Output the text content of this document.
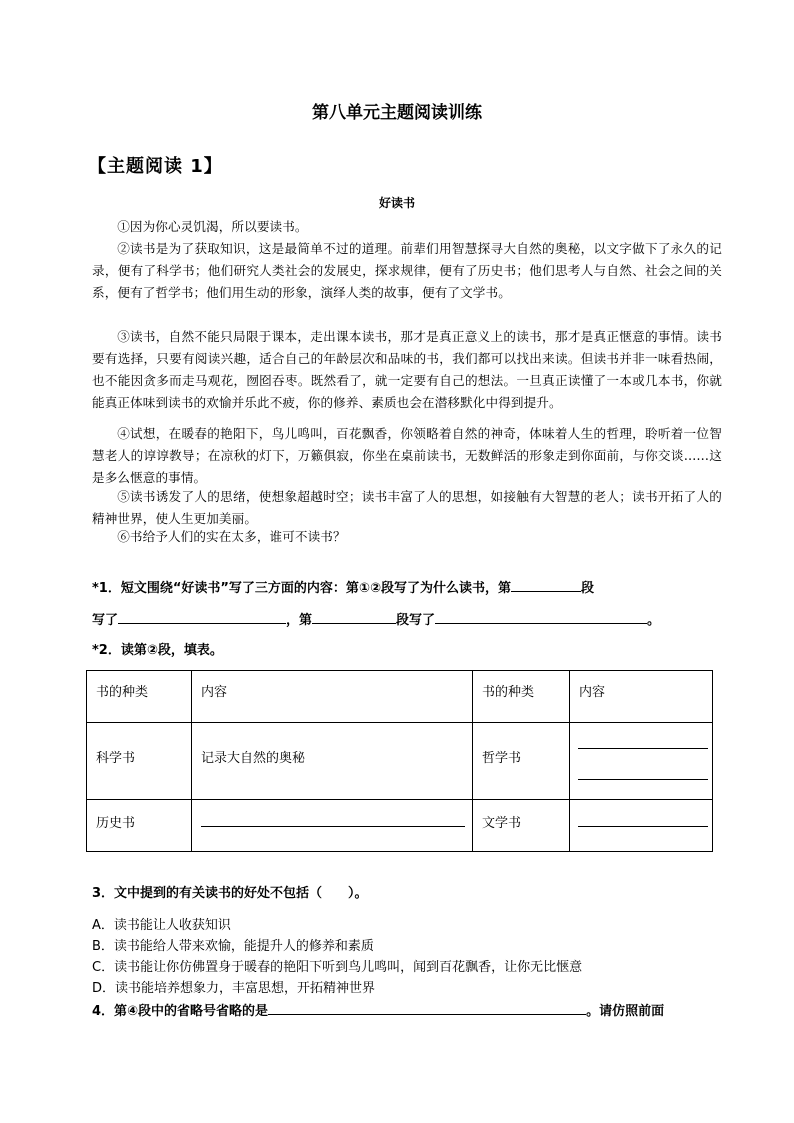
第八单元主题阅读训练
【主题阅读 1】
好读书

①因为你心灵饥渴，所以要读书。

②读书是为了获取知识，这是最简单不过的道理。前辈们用智慧探寻大自然的奥秘，以文字做下了永久的记录，便有了科学书；他们研究人类社会的发展史，探求规律，便有了历史书；他们思考人与自然、社会之间的关系，便有了哲学书；他们用生动的形象，演绎人类的故事，便有了文学书。

③读书，自然不能只局限于课本，走出课本读书，那才是真正意义上的读书，那才是真正惬意的事情。读书要有选择，只要有阅读兴趣，适合自己的年龄层次和品味的书，我们都可以找出来读。但读书并非一味看热闹，也不能因贪多而走马观花，囫囵吞枣。既然看了，就一定要有自己的想法。一旦真正读懂了一本或几本书，你就能真正体味到读书的欢愉并乐此不疲，你的修养、素质也会在潜移默化中得到提升。

④试想，在暖春的艳阳下，鸟儿鸣叫，百花飘香，你领略着自然的神奇，体味着人生的哲理，聆听着一位智慧老人的谆谆教导；在凉秋的灯下，万籁俱寂，你坐在桌前读书，无数鲜活的形象走到你面前，与你交谈……这是多么惬意的事情。

⑤读书诱发了人的思绪，使想象超越时空；读书丰富了人的思想，如接触有大智慧的老人；读书开拓了人的精神世界，使人生更加美丽。

⑥书给予人们的实在太多，谁可不读书？

*1．短文围绕“好读书”写了三方面的内容：第①②段写了为什么读书，第	段
写了	，第	段写了	。
*2．读第②段，填表。
书的种类	内容	书的种类	内容

科学书	记录大自然的奥秘	哲学书	

历史书		文学书	

3．文中提到的有关读书的好处不包括（　　）。
A．读书能让人收获知识
B．读书能给人带来欢愉，能提升人的修养和素质
C．读书能让你仿佛置身于暖春的艳阳下听到鸟儿鸣叫，闻到百花飘香，让你无比惬意
D．读书能培养想象力，丰富思想，开拓精神世界
4．第④段中的省略号省略的是	。请仿照前面
